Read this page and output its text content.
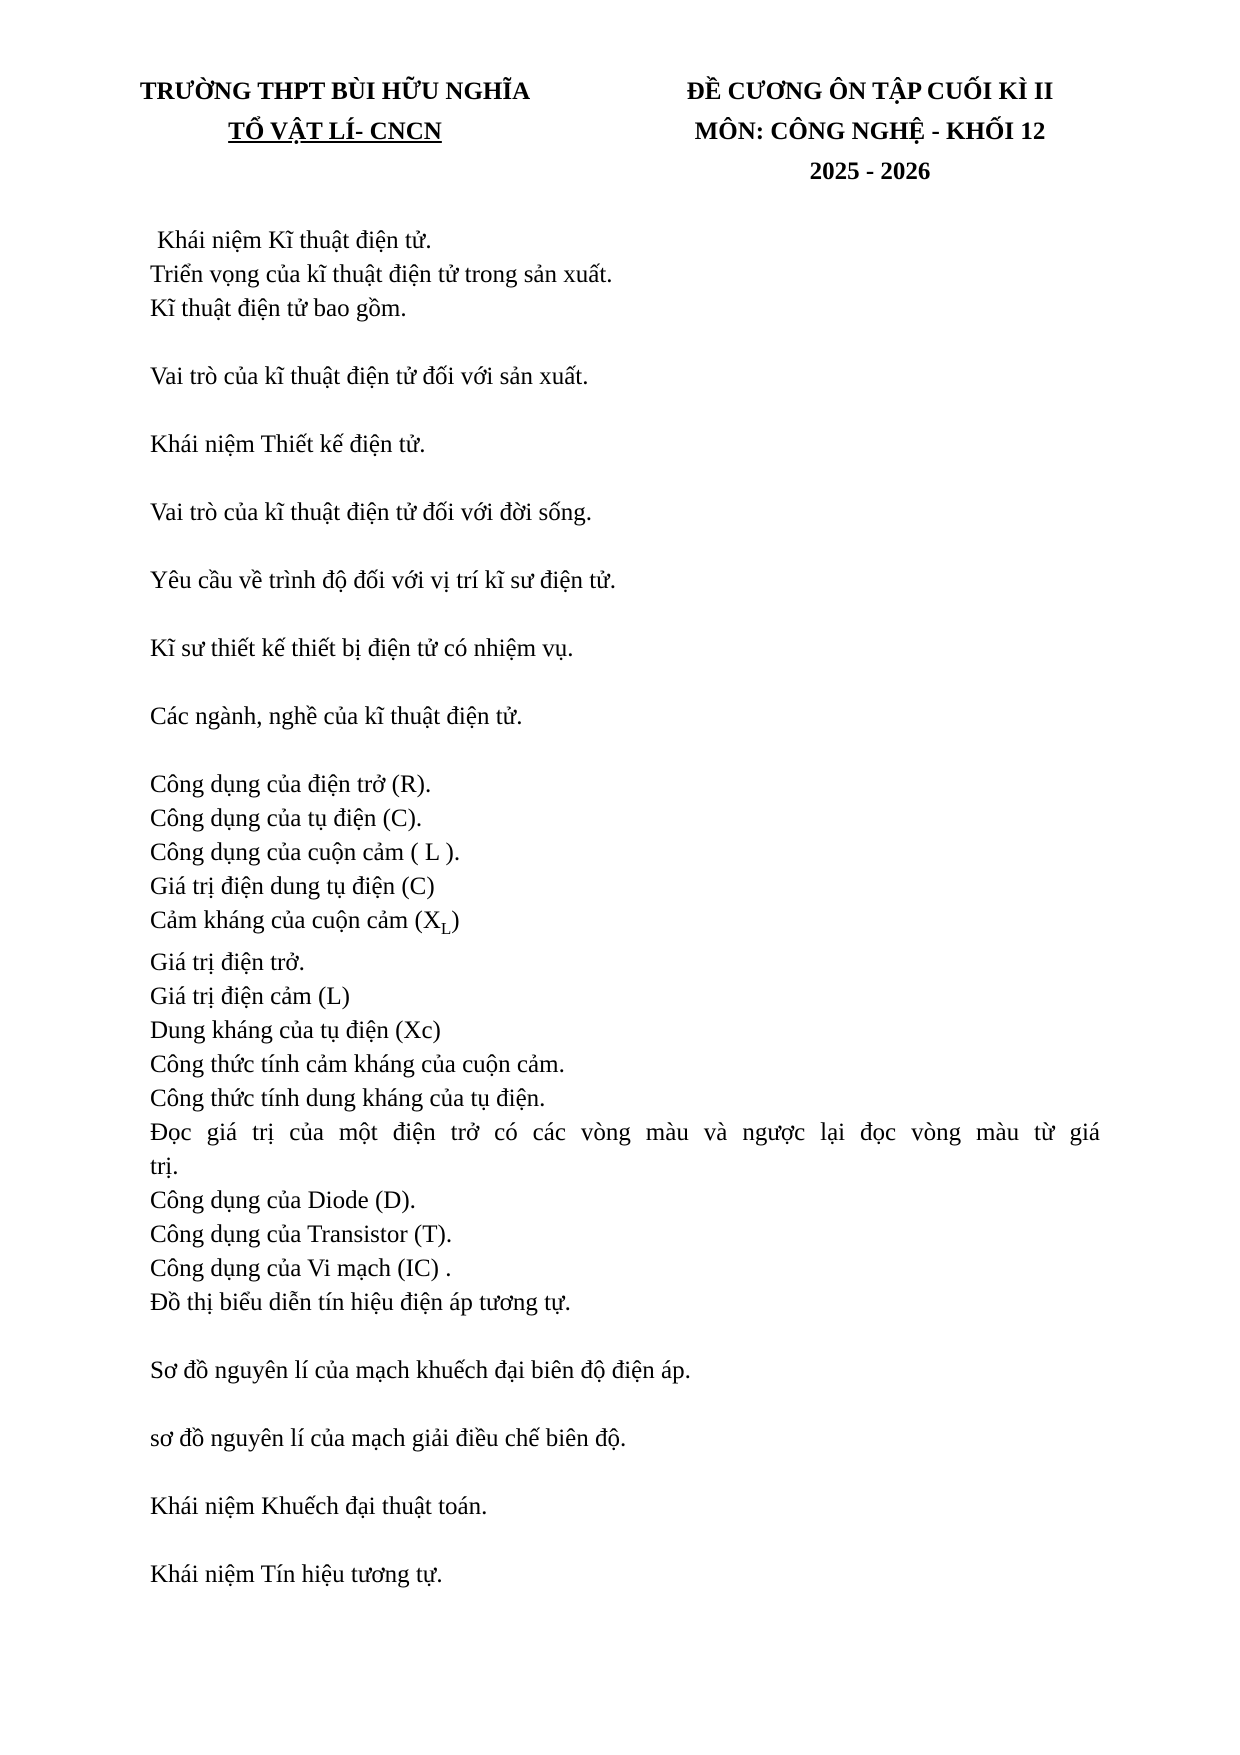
TRƯỜNG THPT BÙI HỮU NGHĨA
TỔ VẬT LÍ- CNCN
ĐỀ CƯƠNG ÔN TẬP CUỐI KÌ II
MÔN: CÔNG NGHỆ - KHỐI 12
2025 - 2026
Khái niệm Kĩ thuật điện tử.
Triển vọng của kĩ thuật điện tử trong sản xuất.
Kĩ thuật điện tử bao gồm.
Vai trò của kĩ thuật điện tử đối với sản xuất.
Khái niệm Thiết kế điện tử.
Vai trò của kĩ thuật điện tử đối với đời sống.
Yêu cầu về trình độ đối với vị trí kĩ sư điện tử.
Kĩ sư thiết kế thiết bị điện tử có nhiệm vụ.
Các ngành, nghề của kĩ thuật điện tử.
Công dụng của điện trở (R).
Công dụng của tụ điện (C).
Công dụng của cuộn cảm ( L ).
Giá trị điện dung tụ điện (C)
Cảm kháng của cuộn cảm $(X_L)$
Giá trị điện trở.
Giá trị điện cảm (L)
Dung kháng của tụ điện (Xc)
Công thức tính cảm kháng của cuộn cảm.
Công thức tính dung kháng của tụ điện.
Đọc giá trị của một điện trở có các vòng màu và ngược lại đọc vòng màu từ giá
trị.
Công dụng của Diode (D).
Công dụng của Transistor (T).
Công dụng của Vi mạch (IC) .
Đồ thị biểu diễn tín hiệu điện áp tương tự.
Sơ đồ nguyên lí của mạch khuếch đại biên độ điện áp.
sơ đồ nguyên lí của mạch giải điều chế biên độ.
Khái niệm Khuếch đại thuật toán.
Khái niệm Tín hiệu tương tự.
